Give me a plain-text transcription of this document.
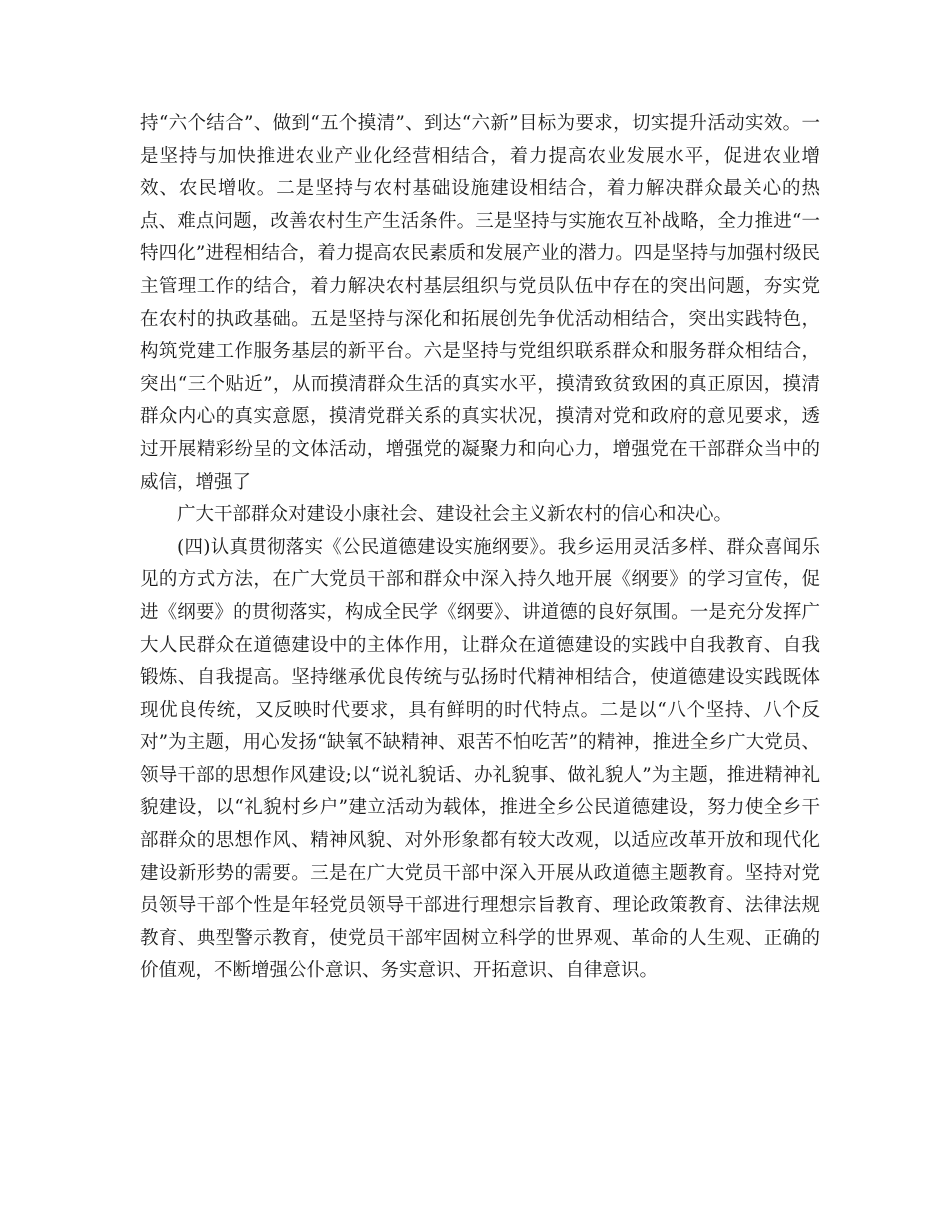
持“六个结合”、做到“五个摸清”、到达“六新”目标为要求，切实提升活动实效。一是坚持与加快推进农业产业化经营相结合，着力提高农业发展水平，促进农业增效、农民增收。二是坚持与农村基础设施建设相结合，着力解决群众最关心的热点、难点问题，改善农村生产生活条件。三是坚持与实施农互补战略，全力推进“一特四化”进程相结合，着力提高农民素质和发展产业的潜力。四是坚持与加强村级民主管理工作的结合，着力解决农村基层组织与党员队伍中存在的突出问题，夯实党在农村的执政基础。五是坚持与深化和拓展创先争优活动相结合，突出实践特色，构筑党建工作服务基层的新平台。六是坚持与党组织联系群众和服务群众相结合，突出“三个贴近”，从而摸清群众生活的真实水平，摸清致贫致困的真正原因，摸清群众内心的真实意愿，摸清党群关系的真实状况，摸清对党和政府的意见要求，透过开展精彩纷呈的文体活动，增强党的凝聚力和向心力，增强党在干部群众当中的威信，增强了

广大干部群众对建设小康社会、建设社会主义新农村的信心和决心。

(四)认真贯彻落实《公民道德建设实施纲要》。我乡运用灵活多样、群众喜闻乐见的方式方法，在广大党员干部和群众中深入持久地开展《纲要》的学习宣传，促进《纲要》的贯彻落实，构成全民学《纲要》、讲道德的良好氛围。一是充分发挥广大人民群众在道德建设中的主体作用，让群众在道德建设的实践中自我教育、自我锻炼、自我提高。坚持继承优良传统与弘扬时代精神相结合，使道德建设实践既体现优良传统，又反映时代要求，具有鲜明的时代特点。二是以“八个坚持、八个反对”为主题，用心发扬“缺氧不缺精神、艰苦不怕吃苦”的精神，推进全乡广大党员、领导干部的思想作风建设;以“说礼貌话、办礼貌事、做礼貌人”为主题，推进精神礼貌建设，以“礼貌村乡户”建立活动为载体，推进全乡公民道德建设，努力使全乡干部群众的思想作风、精神风貌、对外形象都有较大改观，以适应改革开放和现代化建设新形势的需要。三是在广大党员干部中深入开展从政道德主题教育。坚持对党员领导干部个性是年轻党员领导干部进行理想宗旨教育、理论政策教育、法律法规教育、典型警示教育，使党员干部牢固树立科学的世界观、革命的人生观、正确的价值观，不断增强公仆意识、务实意识、开拓意识、自律意识。
